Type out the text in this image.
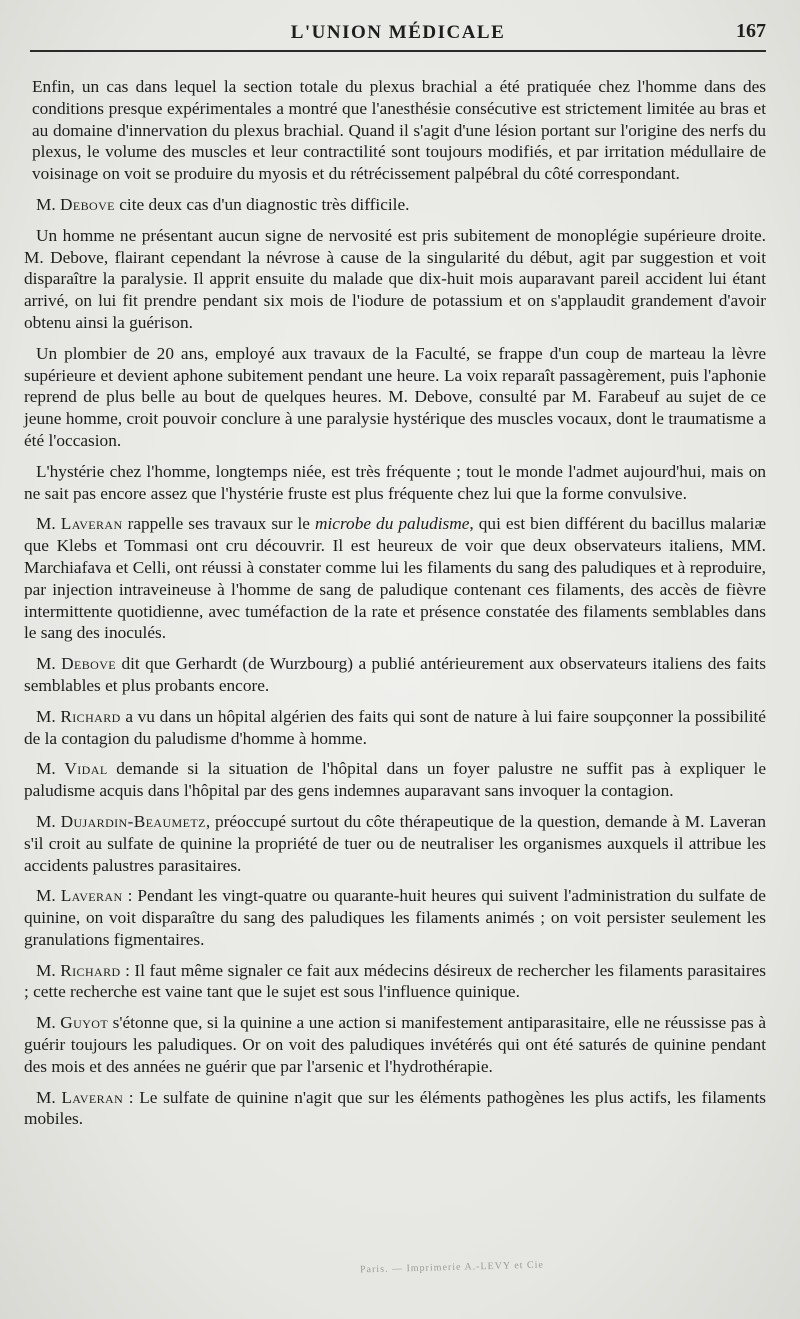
L'UNION MÉDICALE	167

Enfin, un cas dans lequel la section totale du plexus brachial a été pratiquée chez l'homme dans des conditions presque expérimentales a montré que l'anesthésie consécutive est strictement limitée au bras et au domaine d'innervation du plexus brachial. Quand il s'agit d'une lésion portant sur l'origine des nerfs du plexus, le volume des muscles et leur contractilité sont toujours modifiés, et par irritation médullaire de voisinage on voit se produire du myosis et du rétrécissement palpébral du côté correspondant.

M. Debove cite deux cas d'un diagnostic très difficile.

Un homme ne présentant aucun signe de nervosité est pris subitement de monoplégie supérieure droite. M. Debove, flairant cependant la névrose à cause de la singularité du début, agit par suggestion et voit disparaître la paralysie. Il apprit ensuite du malade que dix-huit mois auparavant pareil accident lui étant arrivé, on lui fit prendre pendant six mois de l'iodure de potassium et on s'applaudit grandement d'avoir obtenu ainsi la guérison.

Un plombier de 20 ans, employé aux travaux de la Faculté, se frappe d'un coup de marteau la lèvre supérieure et devient aphone subitement pendant une heure. La voix reparaît passagèrement, puis l'aphonie reprend de plus belle au bout de quelques heures. M. Debove, consulté par M. Farabeuf au sujet de ce jeune homme, croit pouvoir conclure à une paralysie hystérique des muscles vocaux, dont le traumatisme a été l'occasion.

L'hystérie chez l'homme, longtemps niée, est très fréquente ; tout le monde l'admet aujourd'hui, mais on ne sait pas encore assez que l'hystérie fruste est plus fréquente chez lui que la forme convulsive.

M. Laveran rappelle ses travaux sur le microbe du paludisme, qui est bien différent du bacillus malariæ que Klebs et Tommasi ont cru découvrir. Il est heureux de voir que deux observateurs italiens, MM. Marchiafava et Celli, ont réussi à constater comme lui les filaments du sang des paludiques et à reproduire, par injection intraveineuse à l'homme de sang de paludique contenant ces filaments, des accès de fièvre intermittente quotidienne, avec tuméfaction de la rate et présence constatée des filaments semblables dans le sang des inoculés.

M. Debove dit que Gerhardt (de Wurzbourg) a publié antérieurement aux observateurs italiens des faits semblables et plus probants encore.

M. Richard a vu dans un hôpital algérien des faits qui sont de nature à lui faire soupçonner la possibilité de la contagion du paludisme d'homme à homme.

M. Vidal demande si la situation de l'hôpital dans un foyer palustre ne suffit pas à expliquer le paludisme acquis dans l'hôpital par des gens indemnes auparavant sans invoquer la contagion.

M. Dujardin-Beaumetz, préoccupé surtout du côte thérapeutique de la question, demande à M. Laveran s'il croit au sulfate de quinine la propriété de tuer ou de neutraliser les organismes auxquels il attribue les accidents palustres parasitaires.

M. Laveran : Pendant les vingt-quatre ou quarante-huit heures qui suivent l'administration du sulfate de quinine, on voit disparaître du sang des paludiques les filaments animés ; on voit persister seulement les granulations figmentaires.

M. Richard : Il faut même signaler ce fait aux médecins désireux de rechercher les filaments parasitaires ; cette recherche est vaine tant que le sujet est sous l'influence quinique.

M. Guyot s'étonne que, si la quinine a une action si manifestement antiparasitaire, elle ne réussisse pas à guérir toujours les paludiques. Or on voit des paludiques invétérés qui ont été saturés de quinine pendant des mois et des années ne guérir que par l'arsenic et l'hydrothérapie.

M. Laveran : Le sulfate de quinine n'agit que sur les éléments pathogènes les plus actifs, les filaments mobiles.

Paris. — Imprimerie A.-LEVY et Cie
